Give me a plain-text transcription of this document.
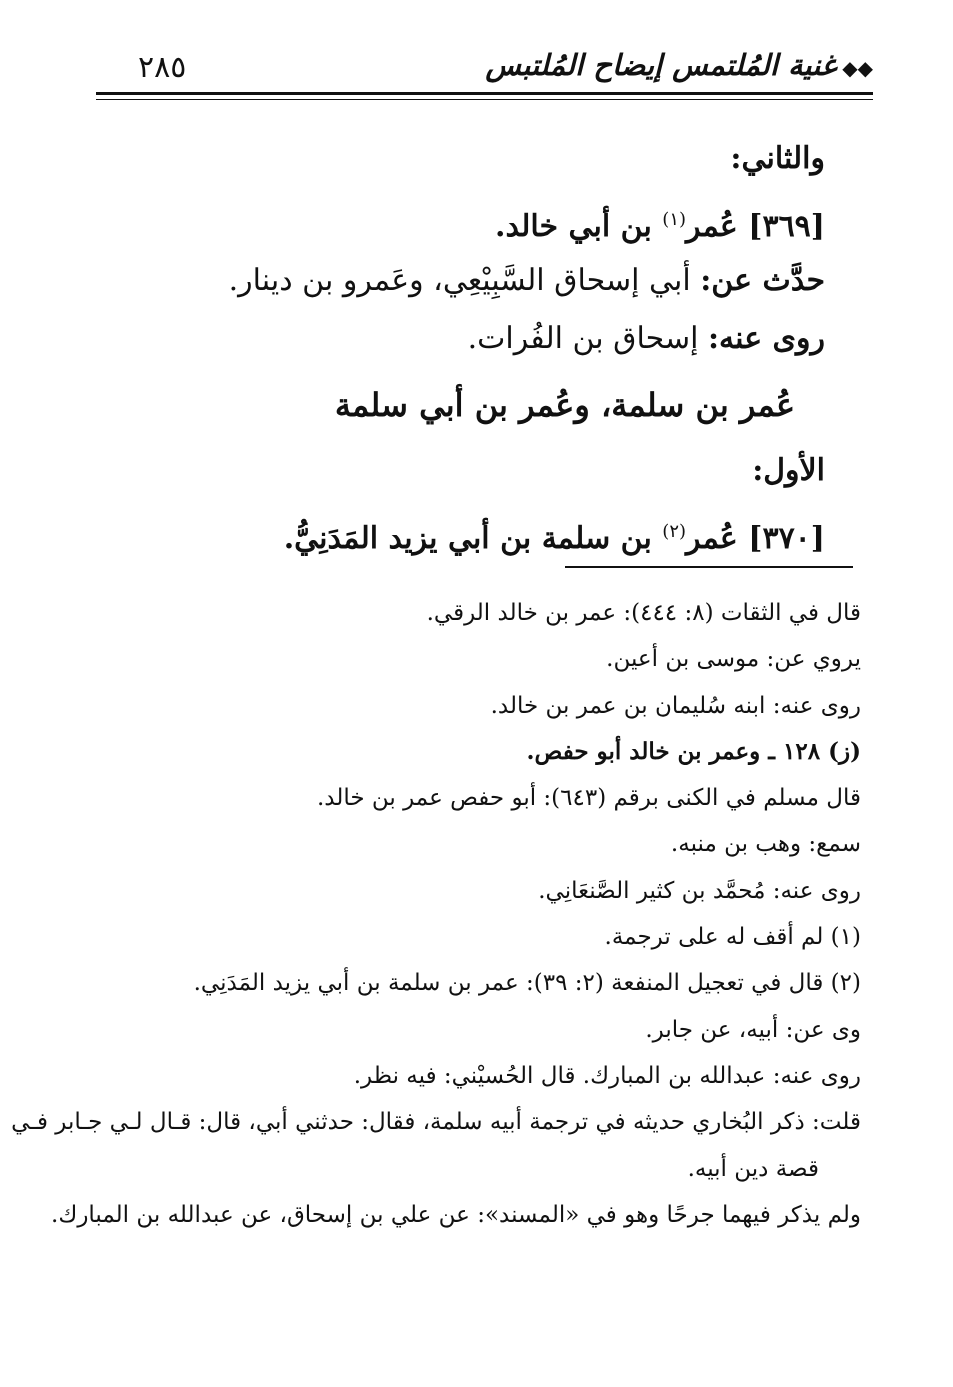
٢٨٥	◆◆غنية المُلتمس إيضاح المُلتبس
والثاني:
[٣٦٩] عُمر$^{(١)}$ بن أبي خالد.
حدَّث عن: أبي إسحاق السَّبِيْعِي، وعَمرو بن دينار.
روى عنه: إسحاق بن الفُرات.
عُمر بن سلمة، وعُمر بن أبي سلمة
الأول:
[٣٧٠] عُمر$^{(٢)}$ بن سلمة بن أبي يزيد المَدَنِيُّ.
قال في الثقات (٨: ٤٤٤): عمر بن خالد الرقي.
يروي عن: موسى بن أعين.
روى عنه: ابنه سُليمان بن عمر بن خالد.
(ز) ١٢٨ ـ وعمر بن خالد أبو حفص.
قال مسلم في الكنى برقم (٦٤٣): أبو حفص عمر بن خالد.
سمع: وهب بن منبه.
روى عنه: مُحمَّد بن كثير الصَّنعَانِي.
(١) لم أقف له على ترجمة.
(٢) قال في تعجيل المنفعة (٢: ٣٩): عمر بن سلمة بن أبي يزيد المَدَنِي.
وى عن: أبيه، عن جابر.
روى عنه: عبدالله بن المبارك. قال الحُسيْني: فيه نظر.
قلت: ذكر البُخاري حديثه في ترجمة أبيه سلمة، فقال: حدثني أبي، قال: قـال لـي جـابر فـي
قصة دين أبيه.
ولم يذكر فيهما جرحًا وهو في «المسند»: عن علي بن إسحاق، عن عبدالله بن المبارك.
